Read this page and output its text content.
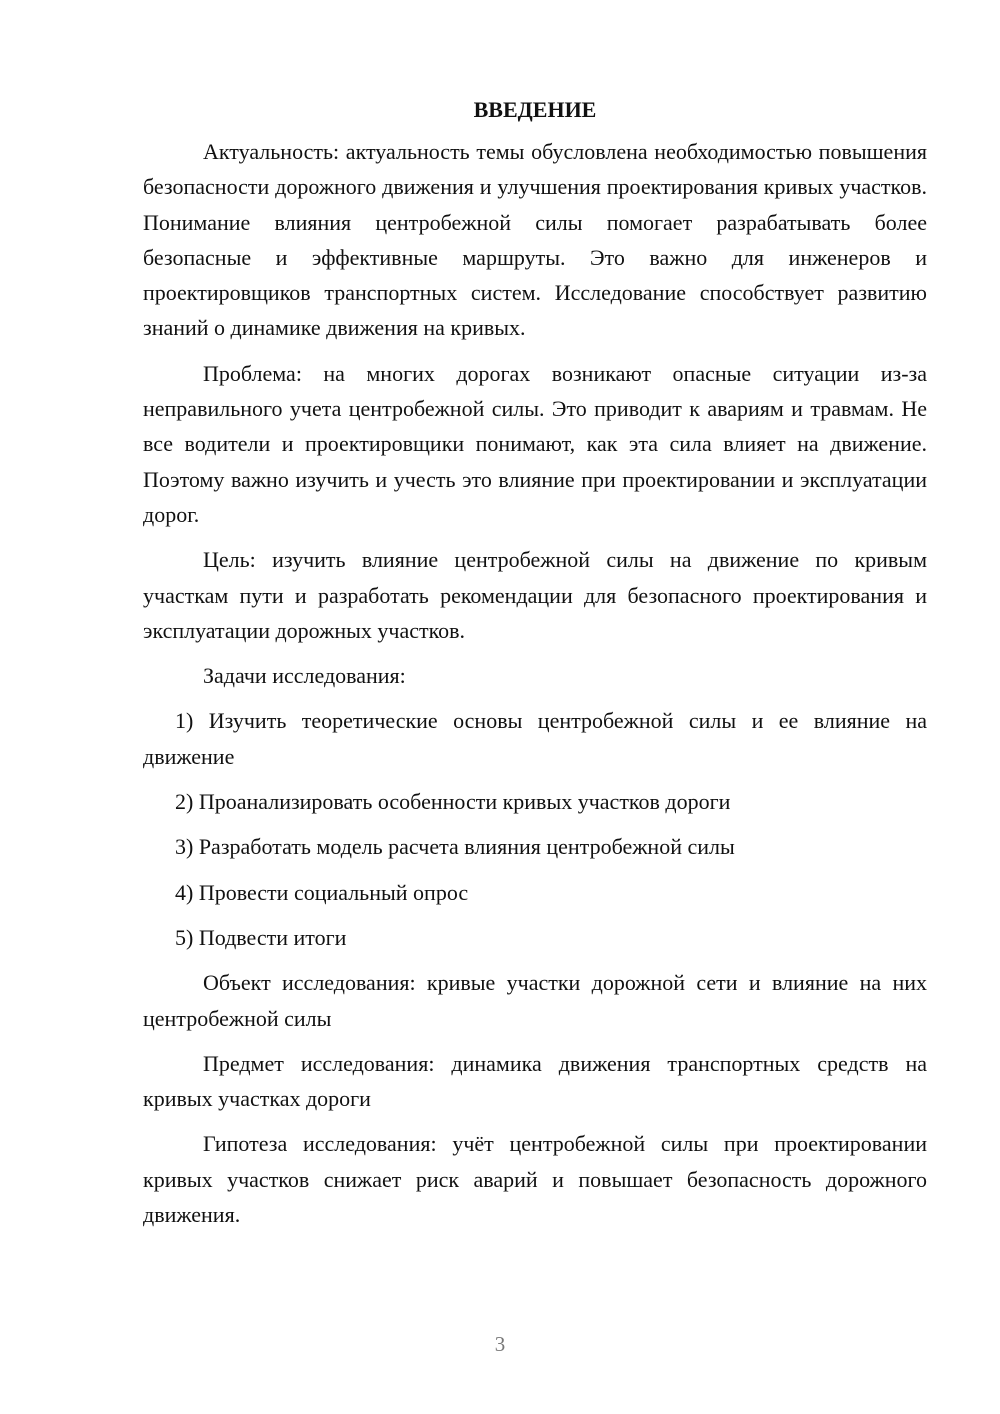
ВВЕДЕНИЕ

Актуальность: актуальность темы обусловлена необходимостью повышения безопасности дорожного движения и улучшения проектирования кривых участков. Понимание влияния центробежной силы помогает разрабатывать более безопасные и эффективные маршруты. Это важно для инженеров и проектировщиков транспортных систем. Исследование способствует развитию знаний о динамике движения на кривых.

Проблема: на многих дорогах возникают опасные ситуации из-за неправильного учета центробежной силы. Это приводит к авариям и травмам. Не все водители и проектировщики понимают, как эта сила влияет на движение. Поэтому важно изучить и учесть это влияние при проектировании и эксплуатации дорог.

Цель: изучить влияние центробежной силы на движение по кривым участкам пути и разработать рекомендации для безопасного проектирования и эксплуатации дорожных участков.

Задачи исследования:

1) Изучить теоретические основы центробежной силы и ее влияние на движение

2) Проанализировать особенности кривых участков дороги

3) Разработать модель расчета влияния центробежной силы

4) Провести социальный опрос

5) Подвести итоги

Объект исследования: кривые участки дорожной сети и влияние на них центробежной силы

Предмет исследования: динамика движения транспортных средств на кривых участках дороги

Гипотеза исследования: учёт центробежной силы при проектировании кривых участков снижает риск аварий и повышает безопасность дорожного движения.

3
